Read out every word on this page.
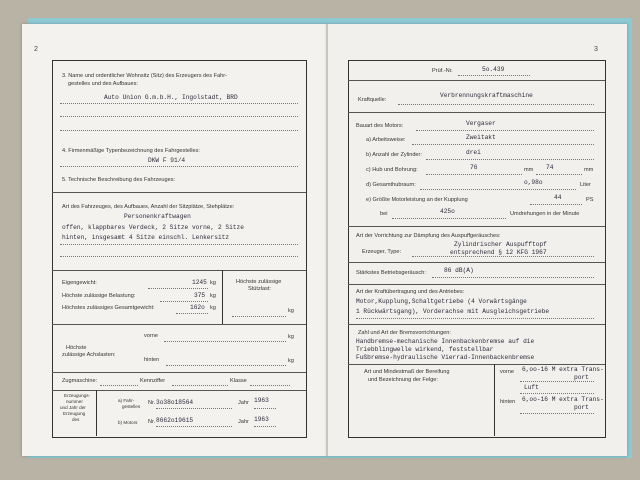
2
3. Name und ordentlicher Wohnsitz (Sitz) des Erzeugers des Fahr-
gestelles und des Aufbaues:
Auto Union G.m.b.H., Ingolstadt, BRD
4. Firmenmäßige Typenbezeichnung des Fahrgestelles:
DKW F 91/4
5. Technische Beschreibung des Fahrzeuges:
Art des Fahrzeuges, des Aufbaues, Anzahl der Sitzplätze, Stehplätze:
Personenkraftwagen
offen, klappbares Verdeck, 2 Sitze vorne, 2 Sitze
hinten, insgesamt 4 Sitze einschl. Lenkersitz
Eigengewicht:	1245 kg
Höchste zulässige Belastung:	375 kg
Höchstes zulässiges Gesamtgewicht:	162o kg
Höchste zulässige
Stützlast:
kg
vorne	kg
Höchste
zulässige Achslasten:
hinten	kg
Zugmaschine:	Kennziffer	Klasse
Erzeugungs-
nummer
und Jahr der
Erzeugung
des
a) Fahr-
gestelles
Nr. 3o38o18564	Jahr 1963
b) Motors Nr. 8662o19615	Jahr 1963
3
Prüf.-Nr.	5o.439
Kraftquelle:
Verbrennungskraftmaschine
Bauart des Motors:	Vergaser
a) Arbeitsweise:	Zweitakt
b) Anzahl der Zylinder:	drei
c) Hub und Bohrung:	76	74
mm	mm
d) Gesamthubraum:	o,98o	Liter
e) Größte Motorleistung an der Kupplung	44	PS
bei	425o	Umdrehungen in der Minute
Art der Vorrichtung zur Dämpfung des Auspuffgeräusches:
Erzeuger, Type:
Zylindrischer Auspufftopf
entsprechend § 12 KFG 1967
Stärkstes Betriebsgeräusch:	86 dB(A)
Art der Kraftübertragung und des Antriebes:
Motor,Kupplung,Schaltgetriebe (4 Vorwärtsgänge
1 Rückwärtsgang), Vorderachse mit Ausgleichsgetriebe
Zahl und Art der Bremsvorrichtungen:
Handbremse-mechanische Innenbackenbremse auf die
Triebblingwelle wirkend, feststellbar
Fußbremse-hydraulische Vierrad-Innenbackenbremse
Art und Mindestmaß der Bereifung
und Bezeichnung der Felge:
vorne 6,oo-16 M extra Trans-
port
Luft
hinten 6,oo-16 M extra Trans-
port
